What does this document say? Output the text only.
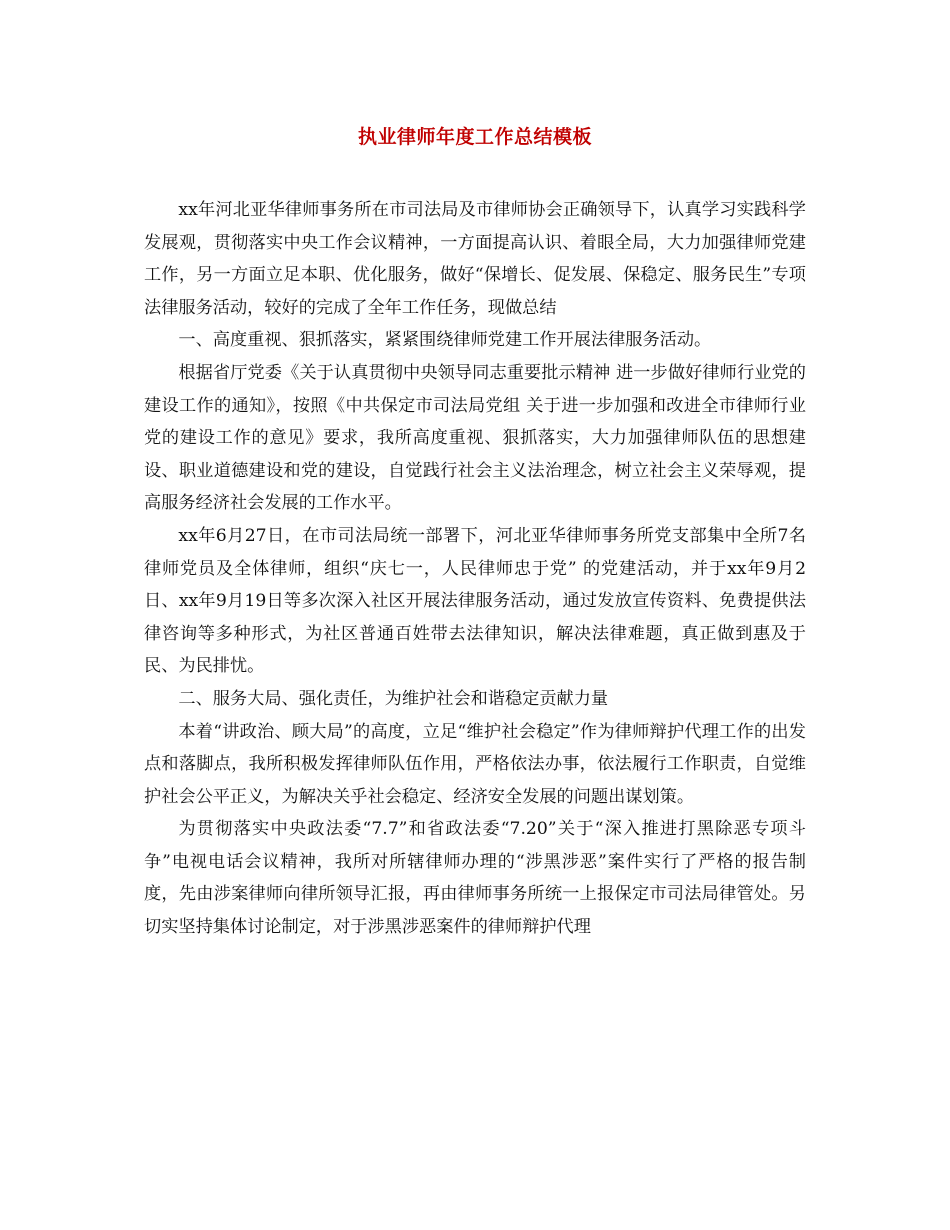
执业律师年度工作总结模板

xx年河北亚华律师事务所在市司法局及市律师协会正确领导下，认真学习实践科学发展观，贯彻落实中央工作会议精神，一方面提高认识、着眼全局，大力加强律师党建工作，另一方面立足本职、优化服务，做好“保增长、促发展、保稳定、服务民生”专项法律服务活动，较好的完成了全年工作任务，现做总结

一、高度重视、狠抓落实，紧紧围绕律师党建工作开展法律服务活动。

根据省厅党委《关于认真贯彻中央领导同志重要批示精神 进一步做好律师行业党的建设工作的通知》，按照《中共保定市司法局党组 关于进一步加强和改进全市律师行业党的建设工作的意见》要求，我所高度重视、狠抓落实，大力加强律师队伍的思想建设、职业道德建设和党的建设，自觉践行社会主义法治理念，树立社会主义荣辱观，提高服务经济社会发展的工作水平。

xx年6月27日，在市司法局统一部署下，河北亚华律师事务所党支部集中全所7名律师党员及全体律师，组织“庆七一，人民律师忠于党” 的党建活动，并于xx年9月2日、xx年9月19日等多次深入社区开展法律服务活动，通过发放宣传资料、免费提供法律咨询等多种形式，为社区普通百姓带去法律知识，解决法律难题，真正做到惠及于民、为民排忧。

二、服务大局、强化责任，为维护社会和谐稳定贡献力量

本着“讲政治、顾大局”的高度，立足“维护社会稳定”作为律师辩护代理工作的出发点和落脚点，我所积极发挥律师队伍作用，严格依法办事，依法履行工作职责，自觉维护社会公平正义，为解决关乎社会稳定、经济安全发展的问题出谋划策。

为贯彻落实中央政法委“7.7”和省政法委“7.20”关于“深入推进打黑除恶专项斗争”电视电话会议精神，我所对所辖律师办理的“涉黑涉恶”案件实行了严格的报告制度，先由涉案律师向律所领导汇报，再由律师事务所统一上报保定市司法局律管处。另切实坚持集体讨论制定，对于涉黑涉恶案件的律师辩护代理
